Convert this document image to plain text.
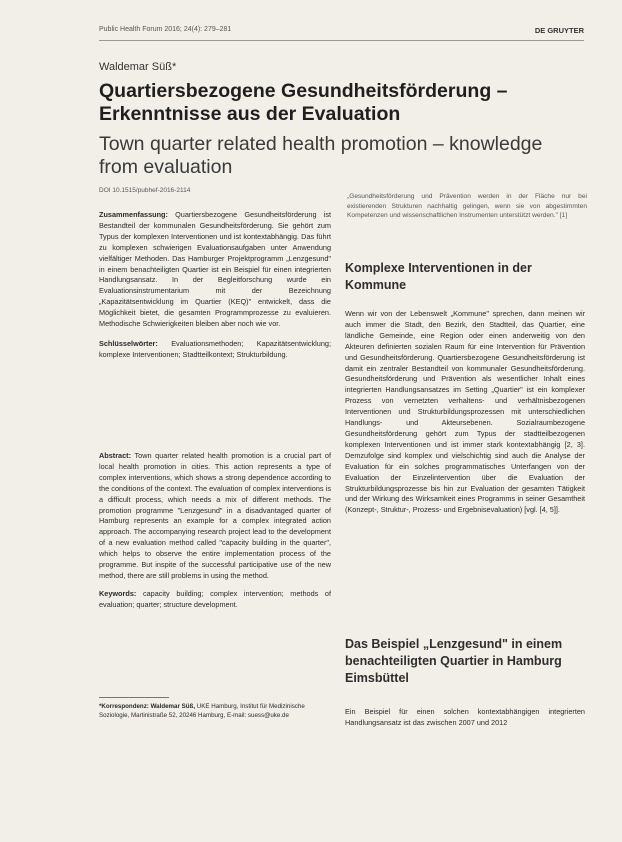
Public Health Forum 2016; 24(4): 279–281	DE GRUYTER
Waldemar Süß*
Quartiersbezogene Gesundheitsförderung – Erkenntnisse aus der Evaluation
Town quarter related health promotion – knowledge from evaluation
DOI 10.1515/pubhef-2016-2114

Zusammenfassung: Quartiersbezogene Gesundheitsförderung ist Bestandteil der kommunalen Gesundheitsförderung. Sie gehört zum Typus der komplexen Interventionen und ist kontextabhängig. Das führt zu komplexen schwierigen Evaluationsaufgaben unter Anwendung vielfältiger Methoden. Das Hamburger Projektprogramm „Lenzgesund" in einem benachteiligten Quartier ist ein Beispiel für einen integrierten Handlungsansatz. In der Begleitforschung wurde ein Evaluationsinstrumentarium mit der Bezeichnung „Kapazitätsentwicklung im Quartier (KEQ)" entwickelt, dass die Möglichkeit bietet, die gesamten Programmprozesse zu evaluieren. Methodische Schwierigkeiten bleiben aber noch wie vor.

Schlüsselwörter: Evaluationsmethoden; Kapazitätsentwicklung; komplexe Interventionen; Stadtteilkontext; Strukturbildung.

Abstract: Town quarter related health promotion is a crucial part of local health promotion in cities. This action represents a type of complex interventions, which shows a strong dependence according to the conditions of the context. The evaluation of complex interventions is a difficult process, which needs a mix of different methods. The promotion programme "Lenzgesund" in a disadvantaged quarter of Hamburg represents an example for a complex integrated action approach. The accompanying research project lead to the development of a new evaluation method called "capacity building in the quarter", which helps to observe the entire implementation process of the programme. But inspite of the successful participative use of the new method, there are still problems in using the method.

Keywords: capacity building; complex intervention; methods of evaluation; quarter; structure development.

*Korrespondenz: Waldemar Süß, UKE Hamburg, Institut für Medizinische Soziologie, Martinistraße 52, 20246 Hamburg, E-mail: suess@uke.de
„Gesundheitsförderung und Prävention werden in der Fläche nur bei existierenden Strukturen nachhaltig gelingen, wenn sie von abgestimmten Kompetenzen und wissenschaftlichen Instrumenten unterstützt werden." [1]
Komplexe Interventionen in der Kommune

Wenn wir von der Lebenswelt „Kommune" sprechen, dann meinen wir auch immer die Stadt, den Bezirk, den Stadtteil, das Quartier, eine ländliche Gemeinde, eine Region oder einen anderweitig von den Akteuren definierten sozialen Raum für eine Intervention für Prävention und Gesundheitsförderung. Quartiersbezogene Gesundheitsförderung ist damit ein zentraler Bestandteil von kommunaler Gesundheitsförderung. Gesundheitsförderung und Prävention als wesentlicher Inhalt eines integrierten Handlungsansatzes im Setting „Quartier" ist ein komplexer Prozess von vernetzten verhaltens- und verhältnisbezogenen Interventionen und Strukturbildungsprozessen mit unterschiedlichen Handlungs- und Akteursebenen. Sozialraumbezogene Gesundheitsförderung gehört zum Typus der stadtteilbezogenen komplexen Interventionen und ist immer stark kontextabhängig [2, 3]. Demzufolge sind komplex und vielschichtig sind auch die Analyse der Evaluation für ein solches programmatisches Unterfangen von der Evaluation der Einzelintervention über die Evaluation der Strukturbildungsprozesse bis hin zur Evaluation der gesamten Tätigkeit und der Wirkung des Wirksamkeit eines Programms in seiner Gesamtheit (Konzept-, Struktur-, Prozess- und Ergebnisevaluation) [vgl. [4, 5]].

Das Beispiel „Lenzgesund" in einem benachteiligten Quartier in Hamburg Eimsbüttel

Ein Beispiel für einen solchen kontextabhängigen integrierten Handlungsansatz ist das zwischen 2007 und 2012
